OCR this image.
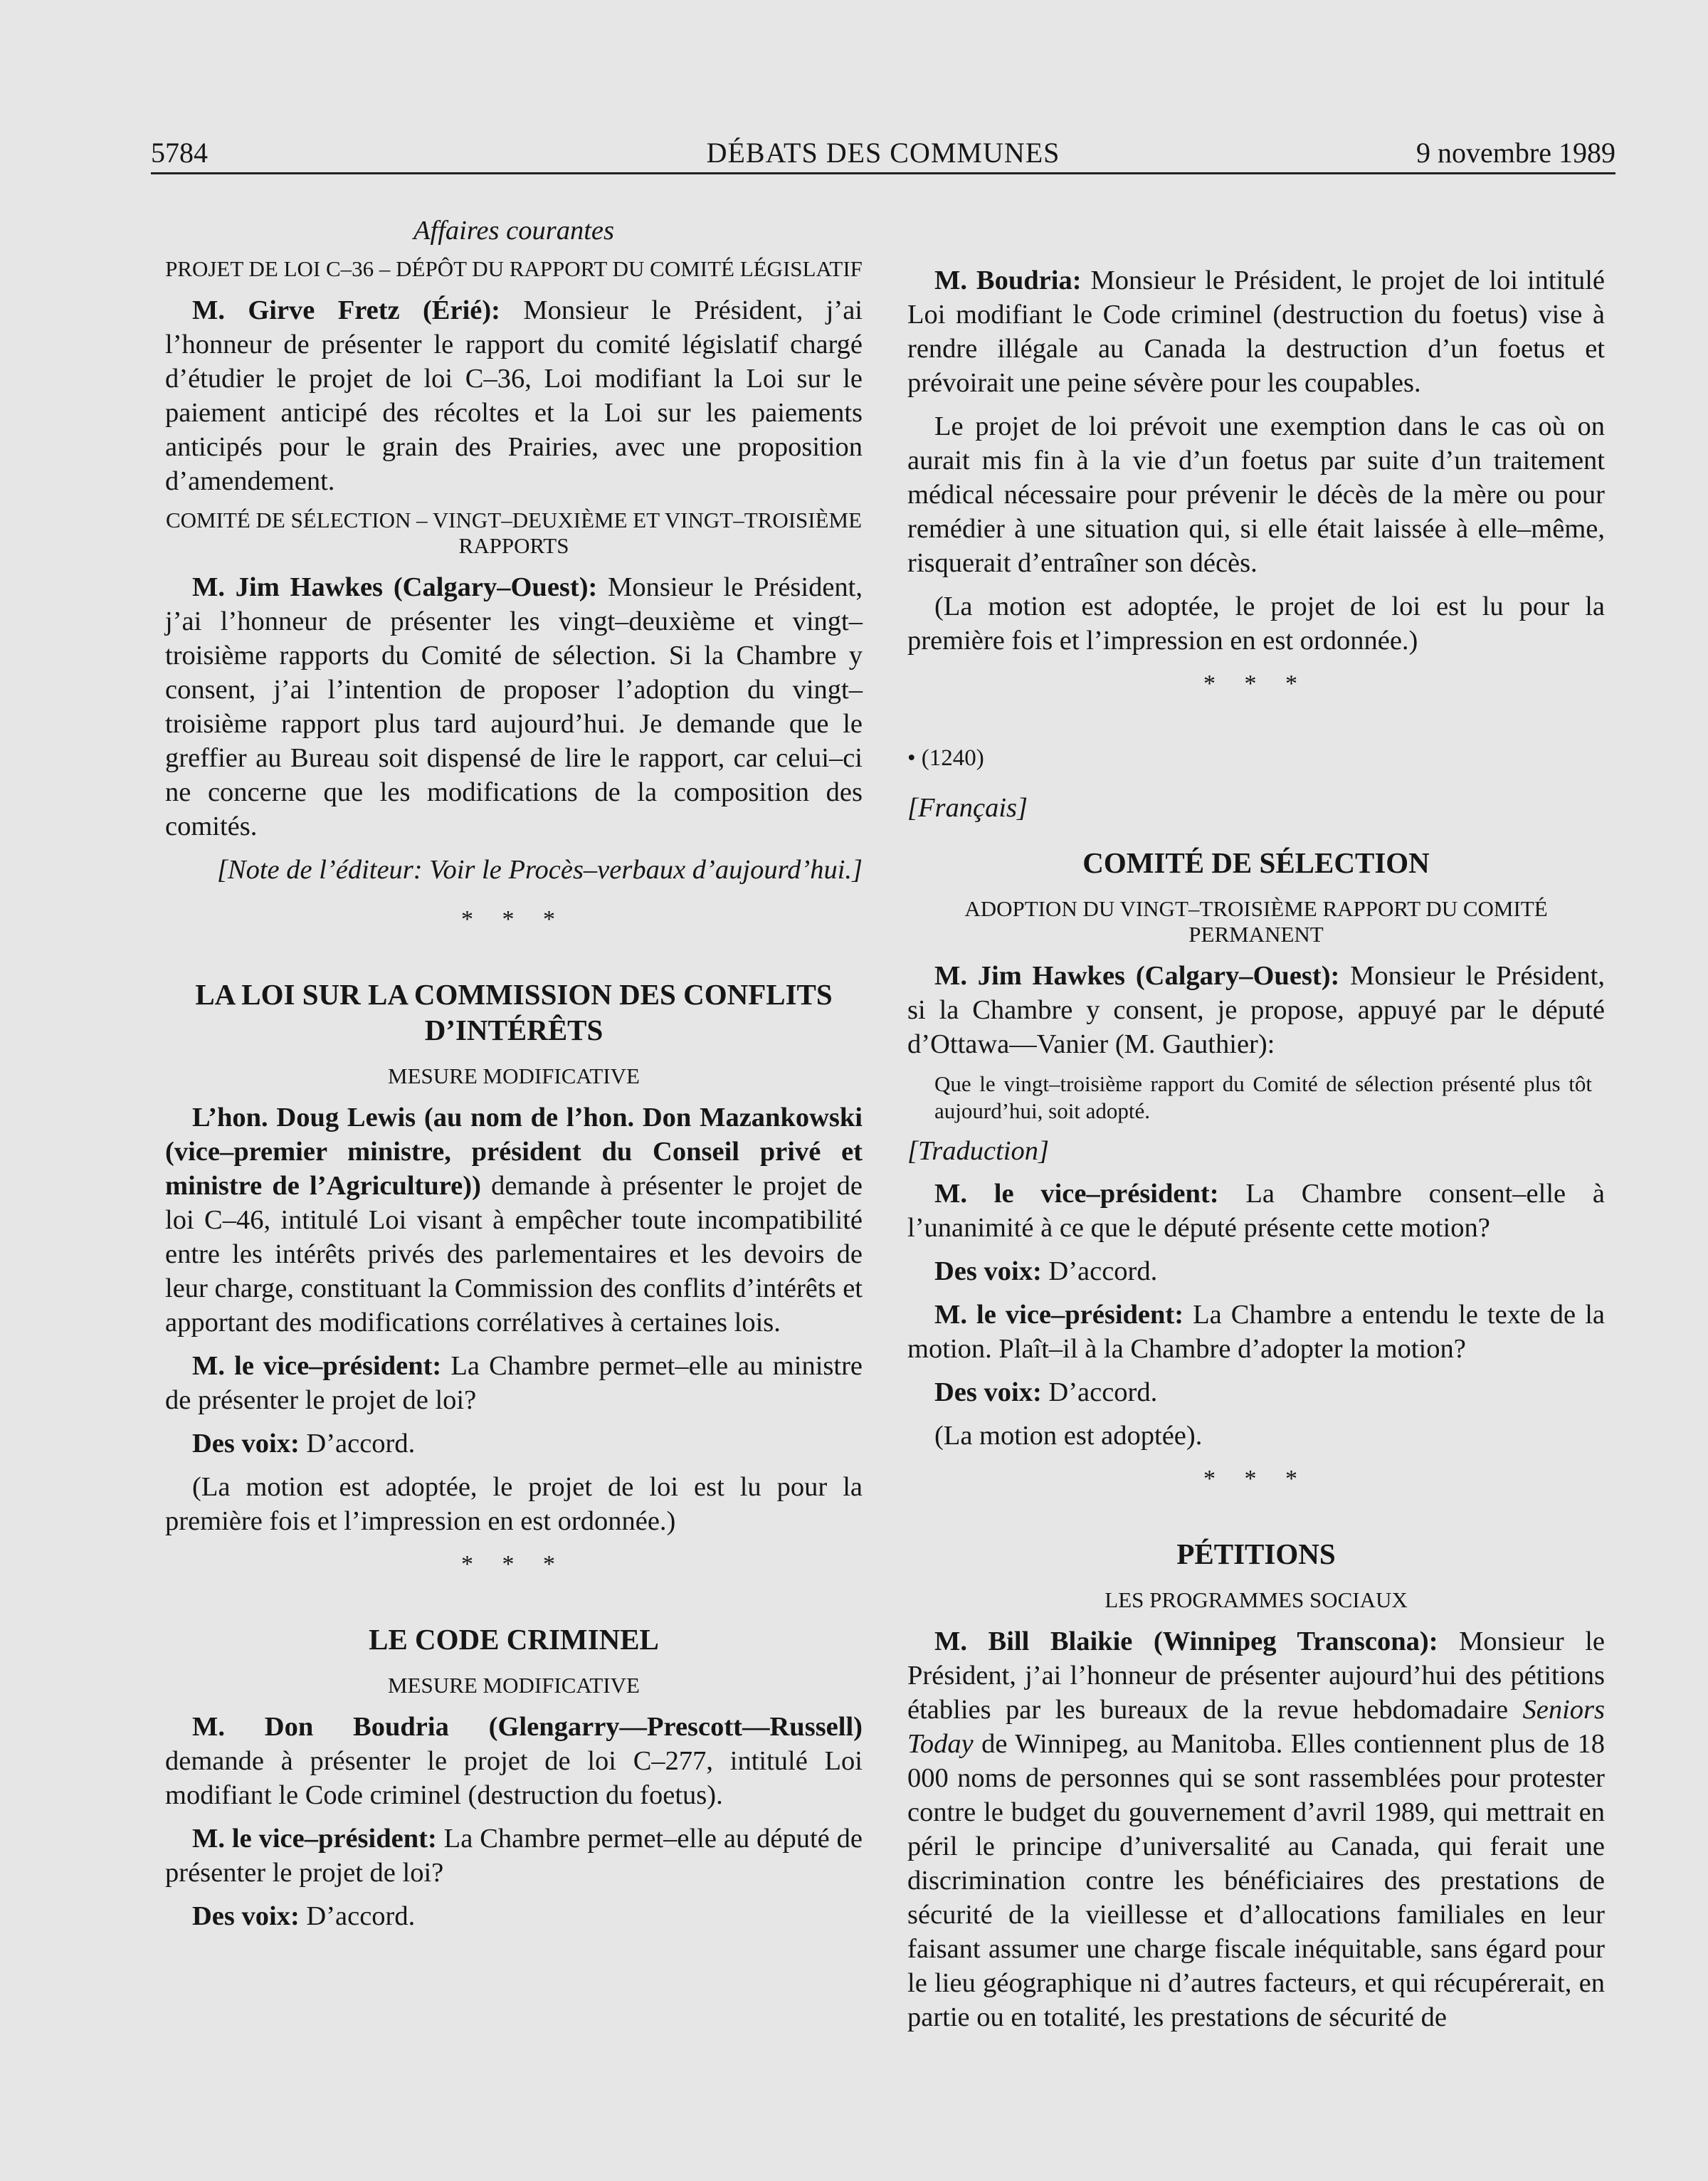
5784	DÉBATS DES COMMUNES	9 novembre 1989
Affaires courantes
PROJET DE LOI C–36 – DÉPÔT DU RAPPORT DU COMITÉ LÉGISLATIF

M. Girve Fretz (Érié): Monsieur le Président, j’ai l’honneur de présenter le rapport du comité législatif chargé d’étudier le projet de loi C–36, Loi modifiant la Loi sur le paiement anticipé des récoltes et la Loi sur les paiements anticipés pour le grain des Prairies, avec une proposition d’amendement.

COMITÉ DE SÉLECTION – VINGT–DEUXIÈME ET VINGT–TROISIÈME RAPPORTS

M. Jim Hawkes (Calgary–Ouest): Monsieur le Président, j’ai l’honneur de présenter les vingt–deuxième et vingt–troisième rapports du Comité de sélection. Si la Chambre y consent, j’ai l’intention de proposer l’adoption du vingt–troisième rapport plus tard aujourd’hui. Je demande que le greffier au Bureau soit dispensé de lire le rapport, car celui–ci ne concerne que les modifications de la composition des comités.

[Note de l’éditeur: Voir le Procès–verbaux d’aujourd’hui.]
* * *
LA LOI SUR LA COMMISSION DES CONFLITS D’INTÉRÊTS
MESURE MODIFICATIVE

L’hon. Doug Lewis (au nom de l’hon. Don Mazankowski (vice–premier ministre, président du Conseil privé et ministre de l’Agriculture)) demande à présenter le projet de loi C–46, intitulé Loi visant à empêcher toute incompatibilité entre les intérêts privés des parlementaires et les devoirs de leur charge, constituant la Commission des conflits d’intérêts et apportant des modifications corrélatives à certaines lois.

M. le vice–président: La Chambre permet–elle au ministre de présenter le projet de loi?

Des voix: D’accord.

(La motion est adoptée, le projet de loi est lu pour la première fois et l’impression en est ordonnée.)

* * *
LE CODE CRIMINEL
MESURE MODIFICATIVE

M. Don Boudria (Glengarry—Prescott—Russell) demande à présenter le projet de loi C–277, intitulé Loi modifiant le Code criminel (destruction du foetus).

M. le vice–président: La Chambre permet–elle au député de présenter le projet de loi?

Des voix: D’accord.

M. Boudria: Monsieur le Président, le projet de loi intitulé Loi modifiant le Code criminel (destruction du foetus) vise à rendre illégale au Canada la destruction d’un foetus et prévoirait une peine sévère pour les coupables.

Le projet de loi prévoit une exemption dans le cas où on aurait mis fin à la vie d’un foetus par suite d’un traitement médical nécessaire pour prévenir le décès de la mère ou pour remédier à une situation qui, si elle était laissée à elle–même, risquerait d’entraîner son décès.

(La motion est adoptée, le projet de loi est lu pour la première fois et l’impression en est ordonnée.)

* * *
• (1240)
[Français]
COMITÉ DE SÉLECTION
ADOPTION DU VINGT–TROISIÈME RAPPORT DU COMITÉ PERMANENT

M. Jim Hawkes (Calgary–Ouest): Monsieur le Président, si la Chambre y consent, je propose, appuyé par le député d’Ottawa—Vanier (M. Gauthier):

Que le vingt–troisième rapport du Comité de sélection présenté plus tôt aujourd’hui, soit adopté.

[Traduction]

M. le vice–président: La Chambre consent–elle à l’unanimité à ce que le député présente cette motion?

Des voix: D’accord.

M. le vice–président: La Chambre a entendu le texte de la motion. Plaît–il à la Chambre d’adopter la motion?

Des voix: D’accord.

(La motion est adoptée).

* * *
PÉTITIONS
LES PROGRAMMES SOCIAUX

M. Bill Blaikie (Winnipeg Transcona): Monsieur le Président, j’ai l’honneur de présenter aujourd’hui des pétitions établies par les bureaux de la revue hebdomadaire Seniors Today de Winnipeg, au Manitoba. Elles contiennent plus de 18 000 noms de personnes qui se sont rassemblées pour protester contre le budget du gouvernement d’avril 1989, qui mettrait en péril le principe d’universalité au Canada, qui ferait une discrimination contre les bénéficiaires des prestations de sécurité de la vieillesse et d’allocations familiales en leur faisant assumer une charge fiscale inéquitable, sans égard pour le lieu géographique ni d’autres facteurs, et qui récupérerait, en partie ou en totalité, les prestations de sécurité de
